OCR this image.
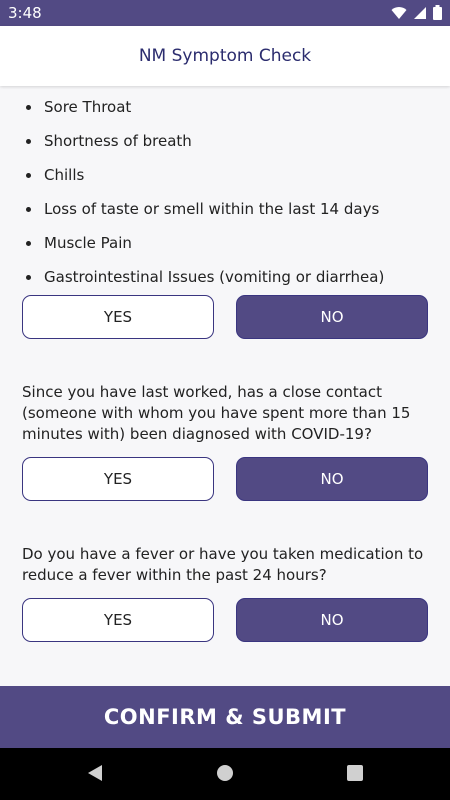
3:48
NM Symptom Check
Sore Throat
Shortness of breath
Chills
Loss of taste or smell within the last 14 days
Muscle Pain
Gastrointestinal Issues (vomiting or diarrhea)
YES	NO
Since you have last worked, has a close contact (someone with whom you have spent more than 15 minutes with) been diagnosed with COVID-19?
YES	NO
Do you have a fever or have you taken medication to reduce a fever within the past 24 hours?
YES	NO
CONFIRM & SUBMIT
